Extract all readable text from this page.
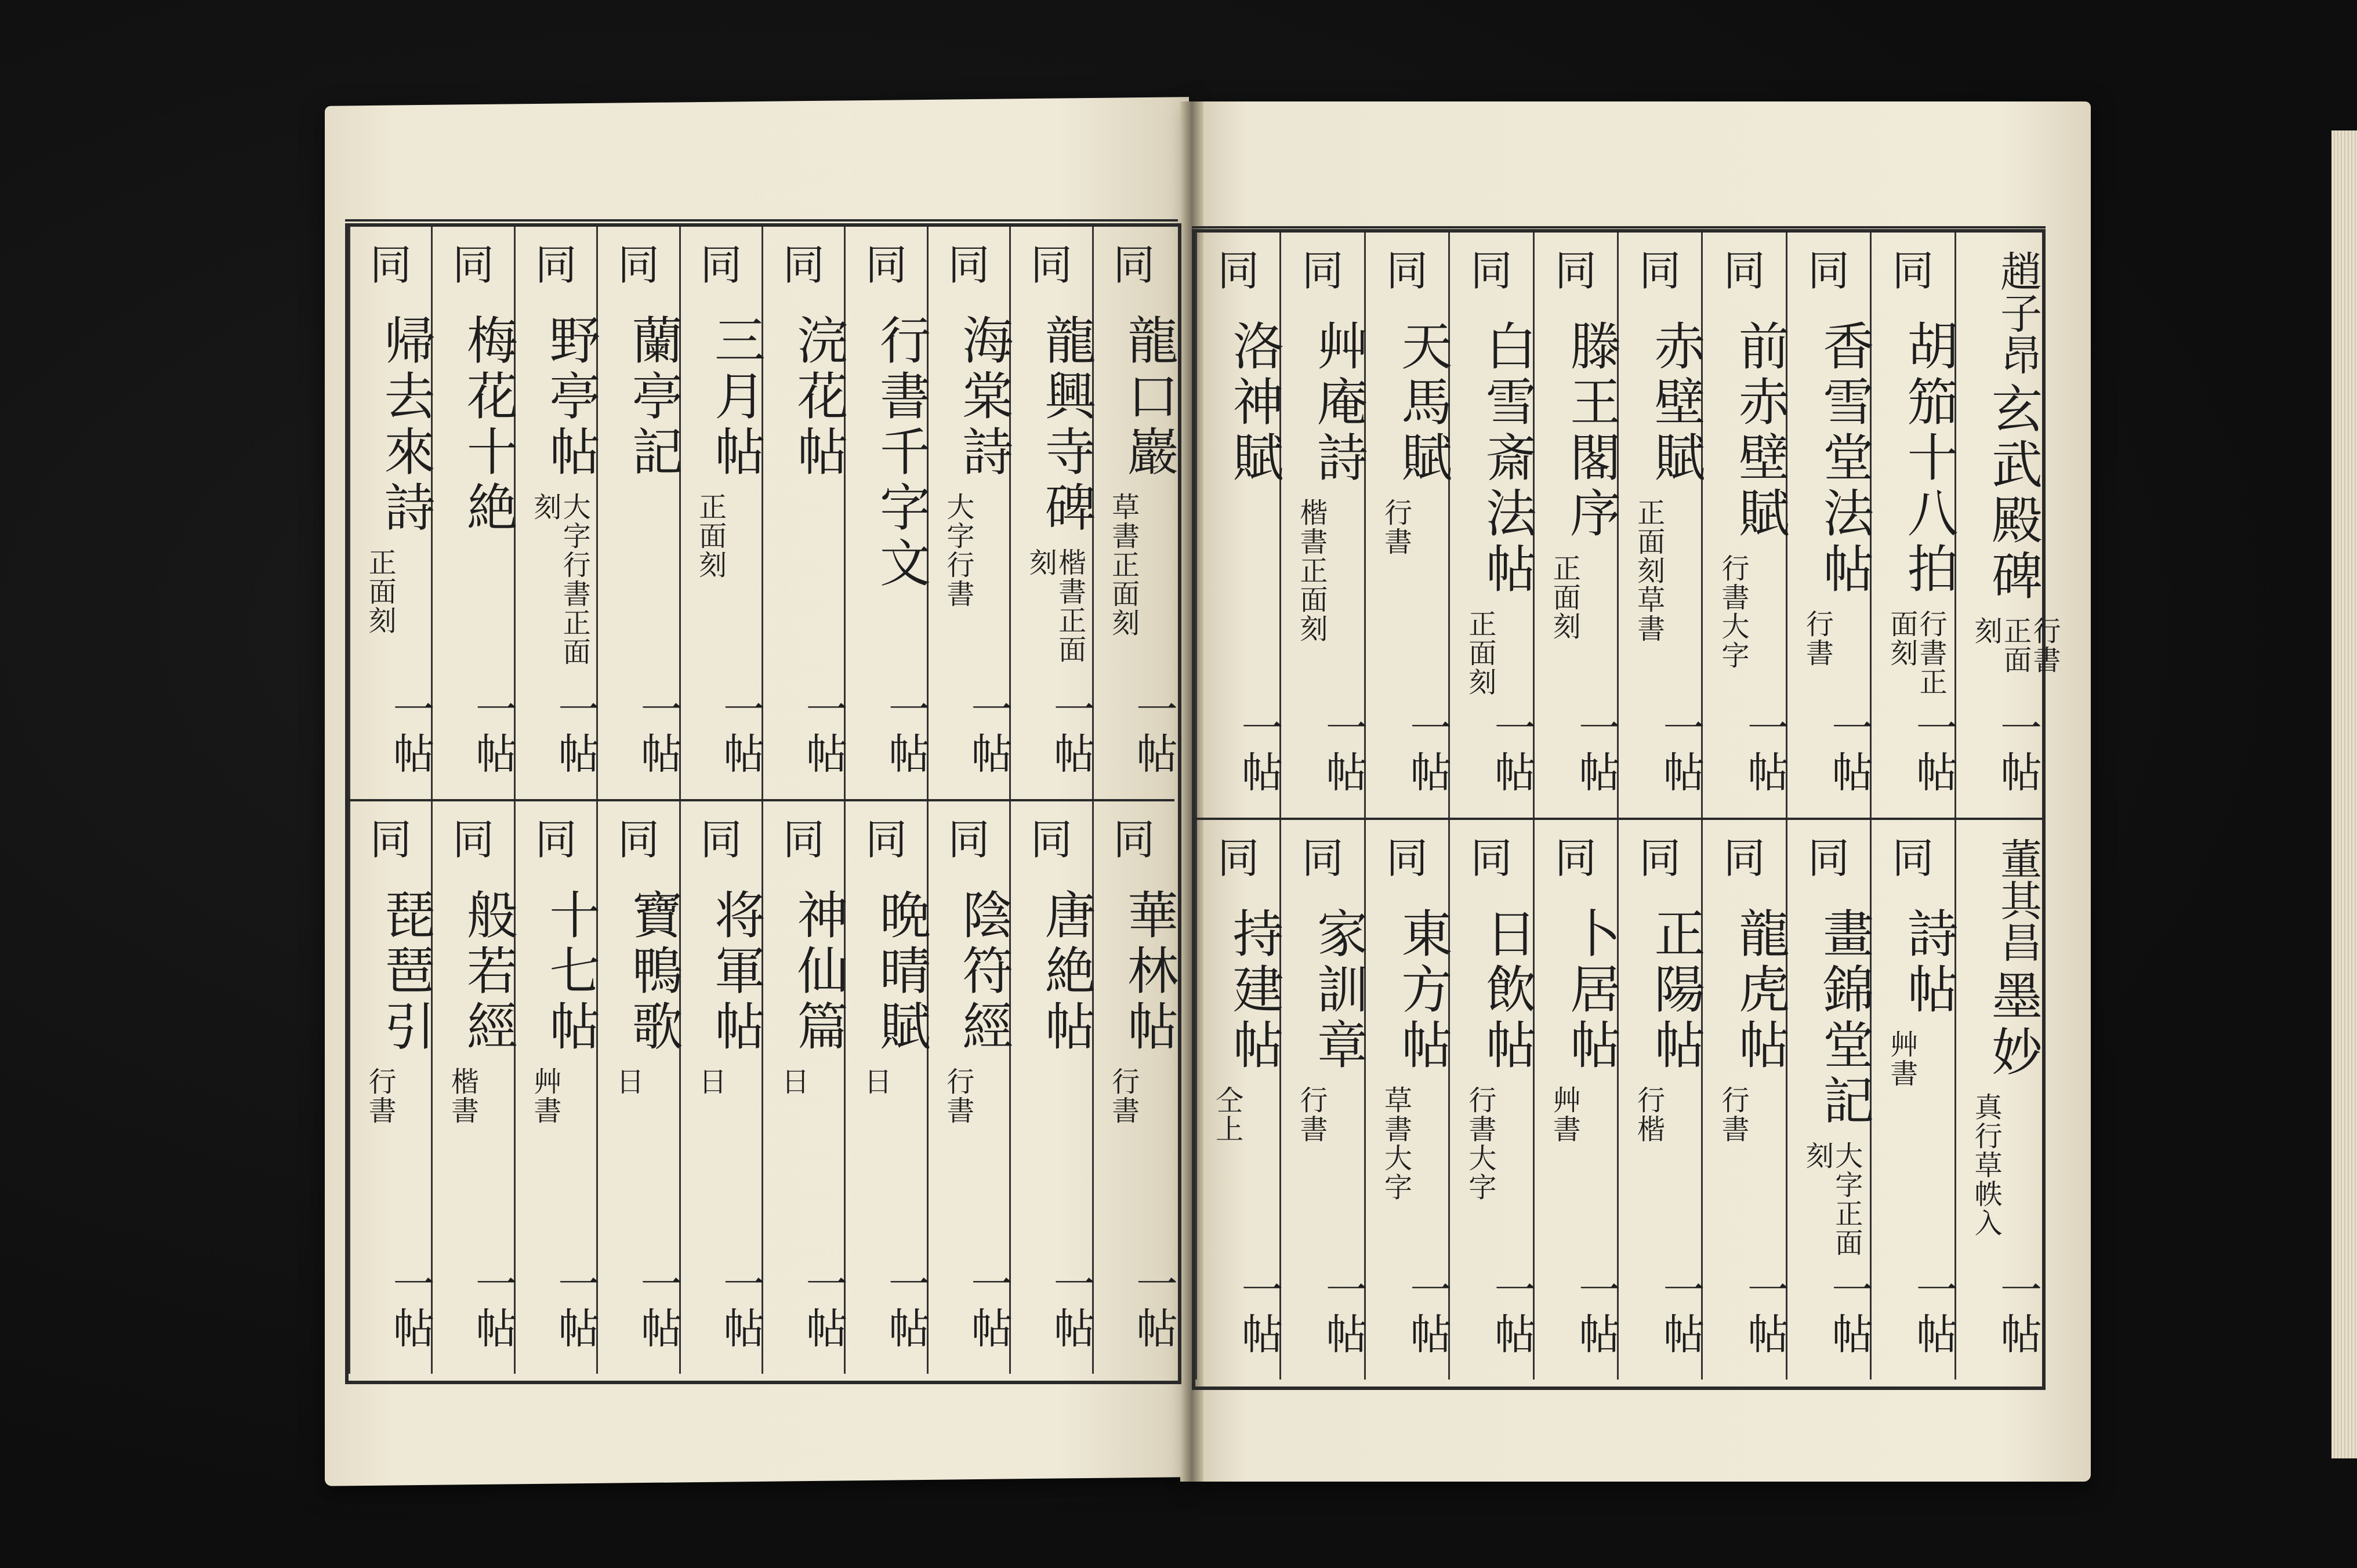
趙子昂
玄武殿碑
行書正面刻
一帖
同
胡笳十八拍
行書正面刻
一帖
同
香雪堂法帖
行書
一帖
同
前赤壁賦
行書大字
一帖
同
赤壁賦
正面刻草書
一帖
同
滕王閣序
正面刻
一帖
同
白雪斎法帖
正面刻
一帖
同
天馬賦
行書
一帖
同
艸庵詩
楷書正面刻
一帖
同
洛神賦
一帖
董其昌
墨妙
真行草帙入
一帖
同
詩帖
艸書
一帖
同
畫錦堂記
大字正面刻
一帖
同
龍虎帖
行書
一帖
同
正陽帖
行楷
一帖
同
卜居帖
艸書
一帖
同
日飲帖
行書大字
一帖
同
東方帖
草書大字
一帖
同
家訓章
行書
一帖
同
持建帖
仝上
一帖
同
龍口巖
草書正面刻
一帖
同
龍興寺碑
楷書正面刻
一帖
同
海棠詩
大字行書
一帖
同
行書千字文
一帖
同
浣花帖
一帖
同
三月帖
正面刻
一帖
同
蘭亭記
一帖
同
野亭帖
大字行書正面刻
一帖
同
梅花十絶
一帖
同
帰去來詩
正面刻
一帖
同
華林帖
行書
一帖
同
唐絶帖
一帖
同
陰符經
行書
一帖
同
晩晴賦
日
一帖
同
神仙篇
日
一帖
同
将軍帖
日
一帖
同
寶鴨歌
日
一帖
同
十七帖
艸書
一帖
同
般若經
楷書
一帖
同
琵琶引
行書
一帖
